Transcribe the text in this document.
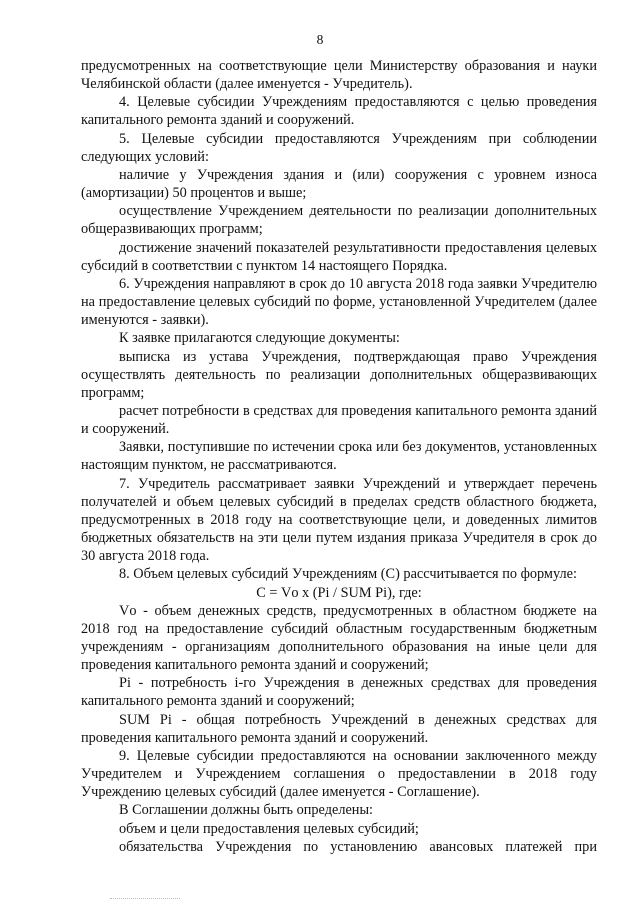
8

предусмотренных на соответствующие цели Министерству образования и науки Челябинской области (далее именуется - Учредитель).

4. Целевые субсидии Учреждениям предоставляются с целью проведения капитального ремонта зданий и сооружений.

5. Целевые субсидии предоставляются Учреждениям при соблюдении следующих условий:

наличие у Учреждения здания и (или) сооружения с уровнем износа (амортизации) 50 процентов и выше;

осуществление Учреждением деятельности по реализации дополнительных общеразвивающих программ;

достижение значений показателей результативности предоставления целевых субсидий в соответствии с пунктом 14 настоящего Порядка.

6. Учреждения направляют в срок до 10 августа 2018 года заявки Учредителю на предоставление целевых субсидий по форме, установленной Учредителем (далее именуются - заявки).

К заявке прилагаются следующие документы:

выписка из устава Учреждения, подтверждающая право Учреждения осуществлять деятельность по реализации дополнительных общеразвивающих программ;

расчет потребности в средствах для проведения капитального ремонта зданий и сооружений.

Заявки, поступившие по истечении срока или без документов, установленных настоящим пунктом, не рассматриваются.

7. Учредитель рассматривает заявки Учреждений и утверждает перечень получателей и объем целевых субсидий в пределах средств областного бюджета, предусмотренных в 2018 году на соответствующие цели, и доведенных лимитов бюджетных обязательств на эти цели путем издания приказа Учредителя в срок до 30 августа 2018 года.

8. Объем целевых субсидий Учреждениям (С) рассчитывается по формуле:

С = Vо x (Pi / SUM Pi), где:

Vо - объем денежных средств, предусмотренных в областном бюджете на 2018 год на предоставление субсидий областным государственным бюджетным учреждениям - организациям дополнительного образования на иные цели для проведения капитального ремонта зданий и сооружений;

Pi - потребность i-го Учреждения в денежных средствах для проведения капитального ремонта зданий и сооружений;

SUM Pi - общая потребность Учреждений в денежных средствах для проведения капитального ремонта зданий и сооружений.

9. Целевые субсидии предоставляются на основании заключенного между Учредителем и Учреждением соглашения о предоставлении в 2018 году Учреждению целевых субсидий (далее именуется - Соглашение).

В Соглашении должны быть определены:

объем и цели предоставления целевых субсидий;

обязательства Учреждения по установлению авансовых платежей при
